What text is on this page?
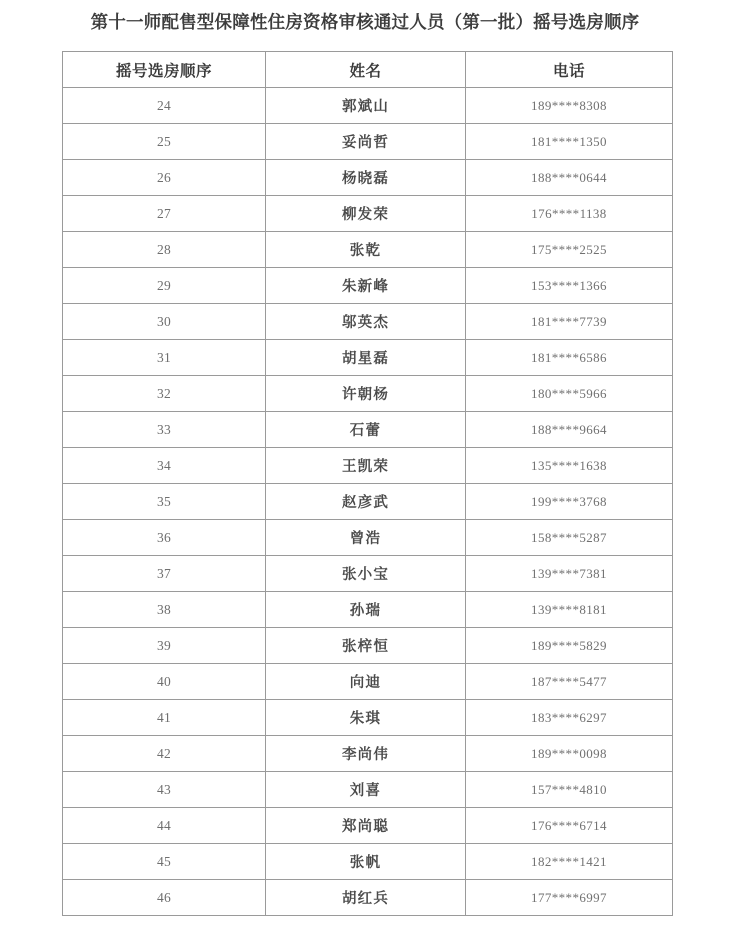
第十一师配售型保障性住房资格审核通过人员（第一批）摇号选房顺序
摇号选房顺序	姓名	电话
24	郭斌山	189****8308
25	妥尚哲	181****1350
26	杨晓磊	188****0644
27	柳发荣	176****1138
28	张乾	175****2525
29	朱新峰	153****1366
30	邬英杰	181****7739
31	胡星磊	181****6586
32	许朝杨	180****5966
33	石蕾	188****9664
34	王凯荣	135****1638
35	赵彦武	199****3768
36	曾浩	158****5287
37	张小宝	139****7381
38	孙瑞	139****8181
39	张梓恒	189****5829
40	向迪	187****5477
41	朱琪	183****6297
42	李尚伟	189****0098
43	刘喜	157****4810
44	郑尚聪	176****6714
45	张帆	182****1421
46	胡红兵	177****6997
